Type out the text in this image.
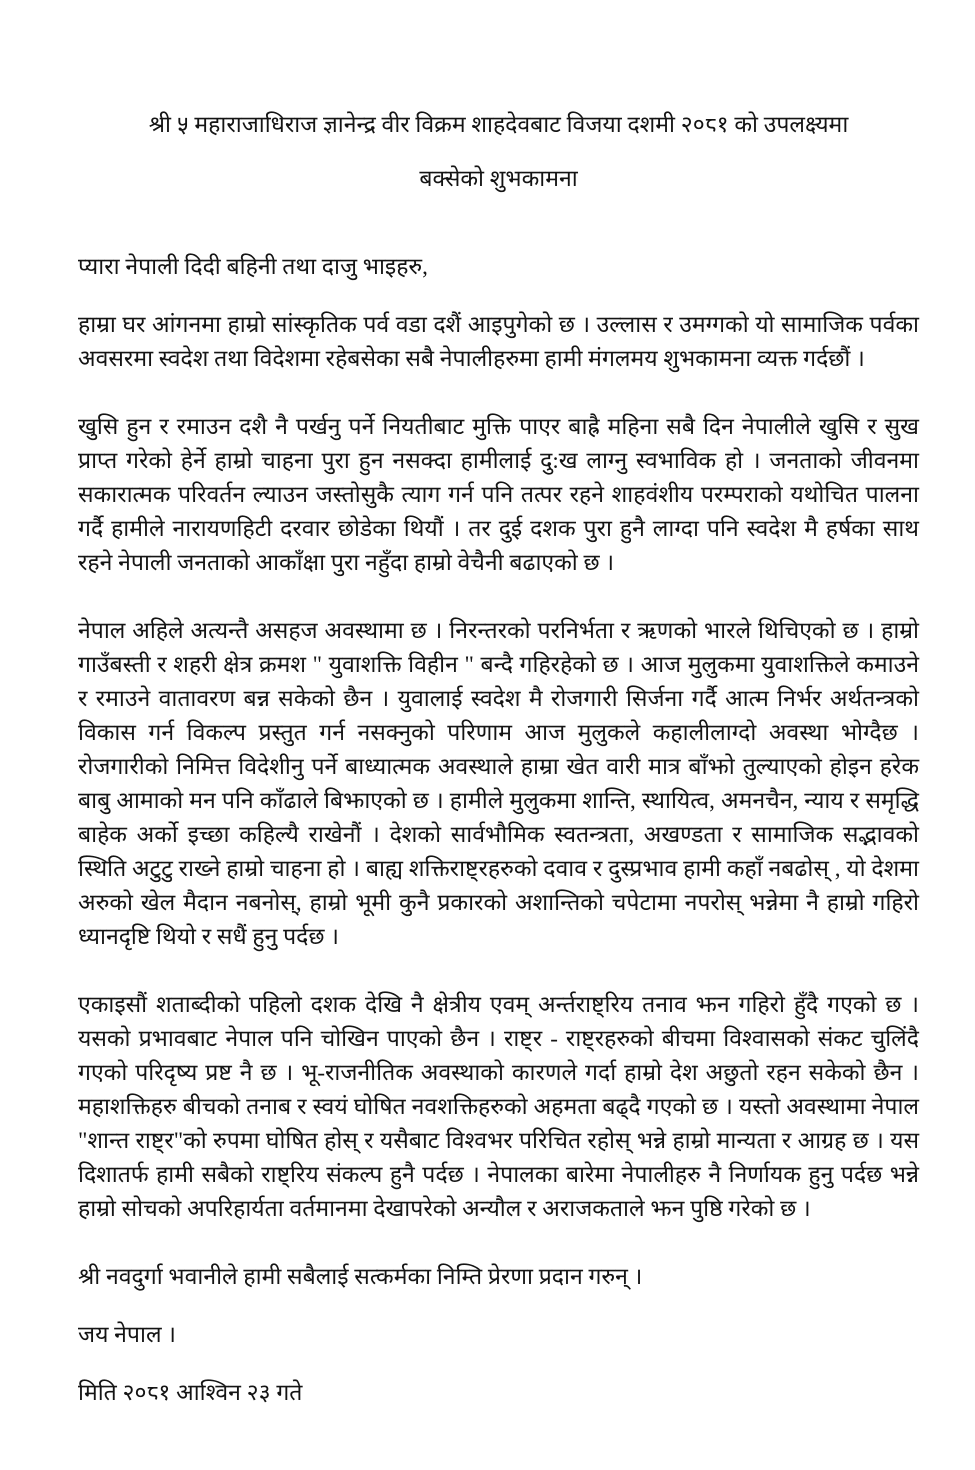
श्री ५ महाराजाधिराज ज्ञानेन्द्र वीर विक्रम शाहदेवबाट विजया दशमी २०८१ को उपलक्ष्यमा
बक्सेको शुभकामना

प्यारा नेपाली दिदी बहिनी तथा दाजु भाइहरु,

हाम्रा घर आंगनमा हाम्रो सांस्कृतिक पर्व वडा दशैं आइपुगेको छ । उल्लास र उमग्गको यो सामाजिक पर्वका अवसरमा स्वदेश तथा विदेशमा रहेबसेका सबै नेपालीहरुमा हामी मंगलमय शुभकामना व्यक्त गर्दछौं ।

खुसि हुन र रमाउन दशै नै पर्खनु पर्ने नियतीबाट मुक्ति पाएर बाह्रै महिना सबै दिन नेपालीले खुसि र सुख प्राप्त गरेको हेर्ने हाम्रो चाहना पुरा हुन नसक्दा हामीलाई दु:ख लाग्नु स्वभाविक हो । जनताको जीवनमा सकारात्मक परिवर्तन ल्याउन जस्तोसुकै त्याग गर्न पनि तत्पर रहने शाहवंशीय परम्पराको यथोचित पालना गर्दै हामीले नारायणहिटी दरवार छोडेका थियौं । तर दुई दशक पुरा हुनै लाग्दा पनि स्वदेश मै हर्षका साथ रहने नेपाली जनताको आकाँक्षा पुरा नहुँदा हाम्रो वेचैनी बढाएको छ ।

नेपाल अहिले अत्यन्तै असहज अवस्थामा छ । निरन्तरको परनिर्भता र ऋणको भारले थिचिएको छ । हाम्रो गाउँबस्ती र शहरी क्षेत्र क्रमश " युवाशक्ति विहीन " बन्दै गहिरहेको छ । आज मुलुकमा युवाशक्तिले कमाउने र रमाउने वातावरण बन्न सकेको छैन । युवालाई स्वदेश मै रोजगारी सिर्जना गर्दै आत्म निर्भर अर्थतन्त्रको विकास गर्न विकल्प प्रस्तुत गर्न नसक्नुको परिणाम आज मुलुकले कहालीलाग्दो अवस्था भोग्दैछ । रोजगारीको निमित्त विदेशीनु पर्ने बाध्यात्मक अवस्थाले हाम्रा खेत वारी मात्र बाँझो तुल्याएको होइन हरेक बाबु आमाको मन पनि काँढाले बिझाएको छ । हामीले मुलुकमा शान्ति, स्थायित्व, अमनचैन, न्याय र समृद्धि बाहेक अर्को इच्छा कहिल्यै राखेनौं । देशको सार्वभौमिक स्वतन्त्रता, अखण्डता र सामाजिक सद्भावको स्थिति अटुटु राख्ने हाम्रो चाहना हो । बाह्य शक्तिराष्ट्रहरुको दवाव र दुस्प्रभाव हामी कहाँ नबढोस् , यो देशमा अरुको खेल मैदान नबनोस्, हाम्रो भूमी कुनै प्रकारको अशान्तिको चपेटामा नपरोस् भन्नेमा नै हाम्रो गहिरो ध्यानदृष्टि थियो र सधैं हुनु पर्दछ ।

एकाइसौं शताब्दीको पहिलो दशक देखि नै क्षेत्रीय एवम् अर्न्तराष्ट्रिय तनाव झन गहिरो हुँदै गएको छ । यसको प्रभावबाट नेपाल पनि चोखिन पाएको छैन । राष्ट्र - राष्ट्रहरुको बीचमा विश्वासको संकट चुलिंदै गएको परिदृष्य प्रष्ट नै छ । भू-राजनीतिक अवस्थाको कारणले गर्दा हाम्रो देश अछुतो रहन सकेको छैन । महाशक्तिहरु बीचको तनाब र स्वयं घोषित नवशक्तिहरुको अहमता बढ्दै गएको छ । यस्तो अवस्थामा नेपाल "शान्त राष्ट्र"को रुपमा घोषित होस् र यसैबाट विश्वभर परिचित रहोस् भन्ने हाम्रो मान्यता र आग्रह छ । यस दिशातर्फ हामी सबैको राष्ट्रिय संकल्प हुनै पर्दछ । नेपालका बारेमा नेपालीहरु नै निर्णायक हुनु पर्दछ भन्ने हाम्रो सोचको अपरिहार्यता वर्तमानमा देखापरेको अन्यौल र अराजकताले झन पुष्ठि गरेको छ ।

श्री नवदुर्गा भवानीले हामी सबैलाई सत्कर्मका निम्ति प्रेरणा प्रदान गरुन् ।

जय नेपाल ।

मिति २०८१ आश्विन २३ गते
